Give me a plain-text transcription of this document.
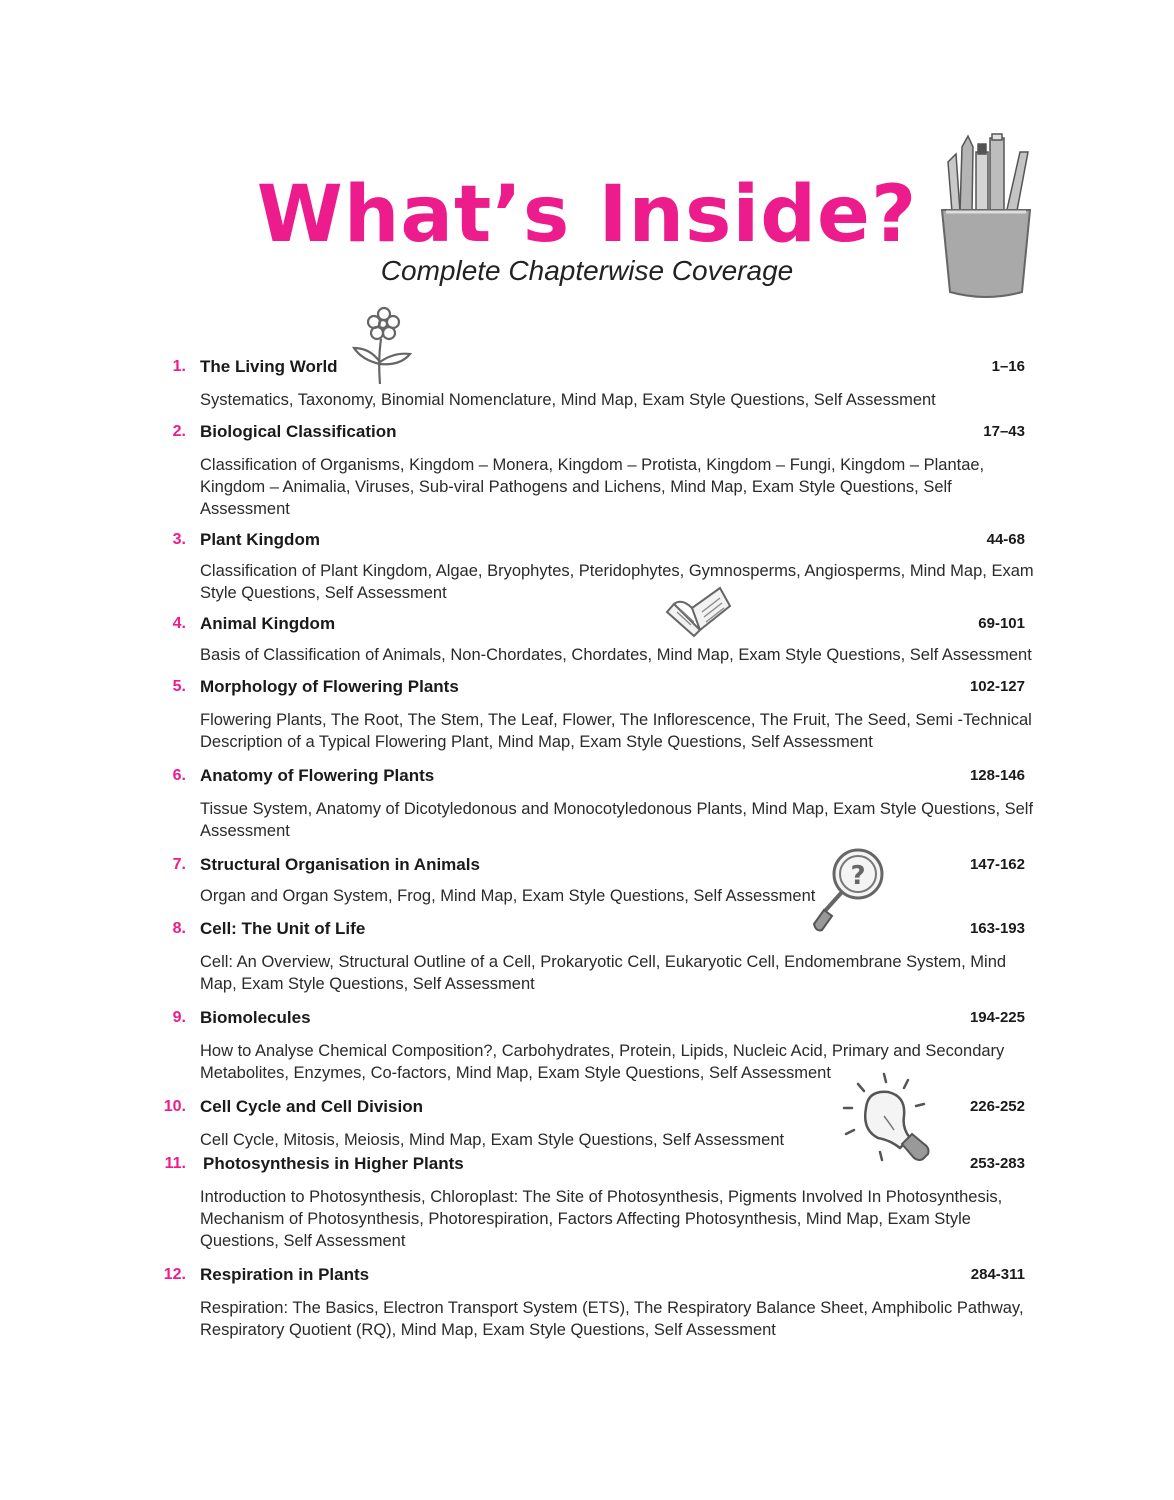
What’s Inside?

Complete Chapterwise Coverage

?
1. The Living World	1–16
Systematics, Taxonomy, Binomial Nomenclature, Mind Map, Exam Style Questions, Self Assessment
2. Biological Classification	17–43
Classification of Organisms, Kingdom – Monera, Kingdom – Protista, Kingdom – Fungi, Kingdom – Plantae, Kingdom – Animalia, Viruses, Sub-viral Pathogens and Lichens, Mind Map, Exam Style Questions, Self Assessment
3. Plant Kingdom	44-68
Classification of Plant Kingdom, Algae, Bryophytes, Pteridophytes, Gymnosperms, Angiosperms, Mind Map, Exam Style Questions, Self Assessment
4. Animal Kingdom	69-101
Basis of Classification of Animals, Non-Chordates, Chordates, Mind Map, Exam Style Questions, Self Assessment
5. Morphology of Flowering Plants	102-127
Flowering Plants, The Root, The Stem, The Leaf, Flower, The Inflorescence, The Fruit, The Seed, Semi -Technical Description of a Typical Flowering Plant, Mind Map, Exam Style Questions, Self Assessment
6. Anatomy of Flowering Plants	128-146
Tissue System, Anatomy of Dicotyledonous and Monocotyledonous Plants, Mind Map, Exam Style Questions, Self Assessment
7. Structural Organisation in Animals	147-162
Organ and Organ System, Frog, Mind Map, Exam Style Questions, Self Assessment
8. Cell: The Unit of Life	163-193
Cell: An Overview, Structural Outline of a Cell, Prokaryotic Cell, Eukaryotic Cell, Endomembrane System, Mind Map, Exam Style Questions, Self Assessment
9. Biomolecules	194-225
How to Analyse Chemical Composition?, Carbohydrates, Protein, Lipids, Nucleic Acid, Primary and Secondary Metabolites, Enzymes, Co-factors, Mind Map, Exam Style Questions, Self Assessment
10. Cell Cycle and Cell Division	226-252
Cell Cycle, Mitosis, Meiosis, Mind Map, Exam Style Questions, Self Assessment
11. Photosynthesis in Higher Plants	253-283
Introduction to Photosynthesis, Chloroplast: The Site of Photosynthesis, Pigments Involved In Photosynthesis, Mechanism of Photosynthesis, Photorespiration, Factors Affecting Photosynthesis, Mind Map, Exam Style Questions, Self Assessment
12. Respiration in Plants	284-311
Respiration: The Basics, Electron Transport System (ETS), The Respiratory Balance Sheet, Amphibolic Pathway, Respiratory Quotient (RQ), Mind Map, Exam Style Questions, Self Assessment
